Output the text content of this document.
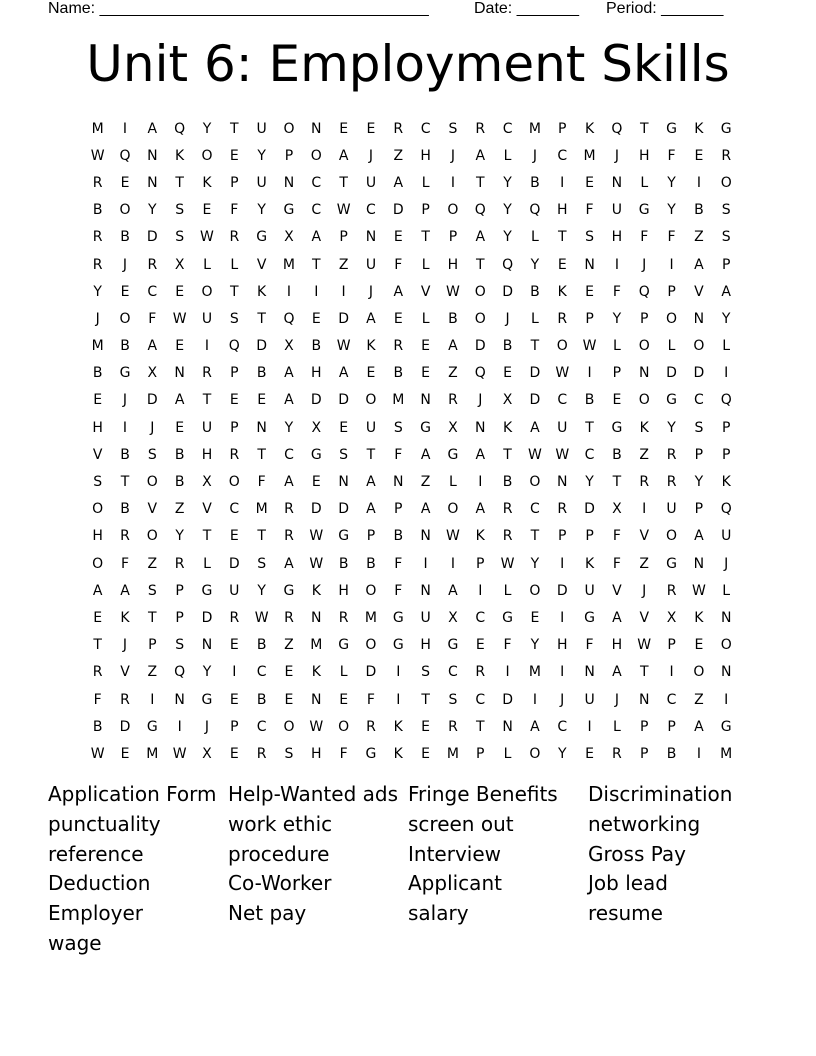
Name: _____________________________________	Date: _______ Period: _______
Unit 6: Employment Skills
M	I	A	Q	Y	T	U	O	N	E	E	R	C	S	R	C	M	P	K	Q	T	G	K	G
W	Q	N	K	O	E	Y	P	O	A	J	Z	H	J	A	L	J	C	M	J	H	F	E	R
R	E	N	T	K	P	U	N	C	T	U	A	L	I	T	Y	B	I	E	N	L	Y	I	O
B	O	Y	S	E	F	Y	G	C	W	C	D	P	O	Q	Y	Q	H	F	U	G	Y	B	S
R	B	D	S	W	R	G	X	A	P	N	E	T	P	A	Y	L	T	S	H	F	F	Z	S
R	J	R	X	L	L	V	M	T	Z	U	F	L	H	T	Q	Y	E	N	I	J	I	A	P
Y	E	C	E	O	T	K	I	I	I	J	A	V	W	O	D	B	K	E	F	Q	P	V	A
J	O	F	W	U	S	T	Q	E	D	A	E	L	B	O	J	L	R	P	Y	P	O	N	Y
M	B	A	E	I	Q	D	X	B	W	K	R	E	A	D	B	T	O	W	L	O	L	O	L
B	G	X	N	R	P	B	A	H	A	E	B	E	Z	Q	E	D	W	I	P	N	D	D	I
E	J	D	A	T	E	E	A	D	D	O	M	N	R	J	X	D	C	B	E	O	G	C	Q
H	I	J	E	U	P	N	Y	X	E	U	S	G	X	N	K	A	U	T	G	K	Y	S	P
V	B	S	B	H	R	T	C	G	S	T	F	A	G	A	T	W W	C	B	Z	R	P	P
S	T	O	B	X	O	F	A	E	N	A	N	Z	L	I	B	O	N	Y	T	R	R	Y	K
O	B	V	Z	V	C	M	R	D	D	A	P	A	O	A	R	C	R	D	X	I	U	P	Q
H	R	O	Y	T	E	T	R	W	G	P	B	N	W	K	R	T	P	P	F	V	O	A	U
O	F	Z	R	L	D	S	A	W	B	B	F	I	I	P	W	Y	I	K	F	Z	G	N	J
A	A	S	P	G	U	Y	G	K	H	O	F	N	A	I	L	O	D	U	V	J	R	W	L
E	K	T	P	D	R	W	R	N	R	M	G	U	X	C	G	E	I	G	A	V	X	K	N
T	J	P	S	N	E	B	Z	M	G	O	G	H	G	E	F	Y	H	F	H	W	P	E	O
R	V	Z	Q	Y	I	C	E	K	L	D	I	S	C	R	I	M	I	N	A	T	I	O	N
F	R	I	N	G	E	B	E	N	E	F	I	T	S	C	D	I	J	U	J	N	C	Z	I
B	D	G	I	J	P	C	O	W	O	R	K	E	R	T	N	A	C	I	L	P	P	A	G
W	E	M	W	X	E	R	S	H	F	G	K	E	M	P	L	O	Y	E	R	P	B	I	M
Application Form
punctuality
reference
Deduction
Employer
wage
Help-Wanted ads
work ethic
procedure
Co-Worker
Net pay
Fringe Benefits
screen out
Interview
Applicant
salary
Discrimination
networking
Gross Pay
Job lead
resume
